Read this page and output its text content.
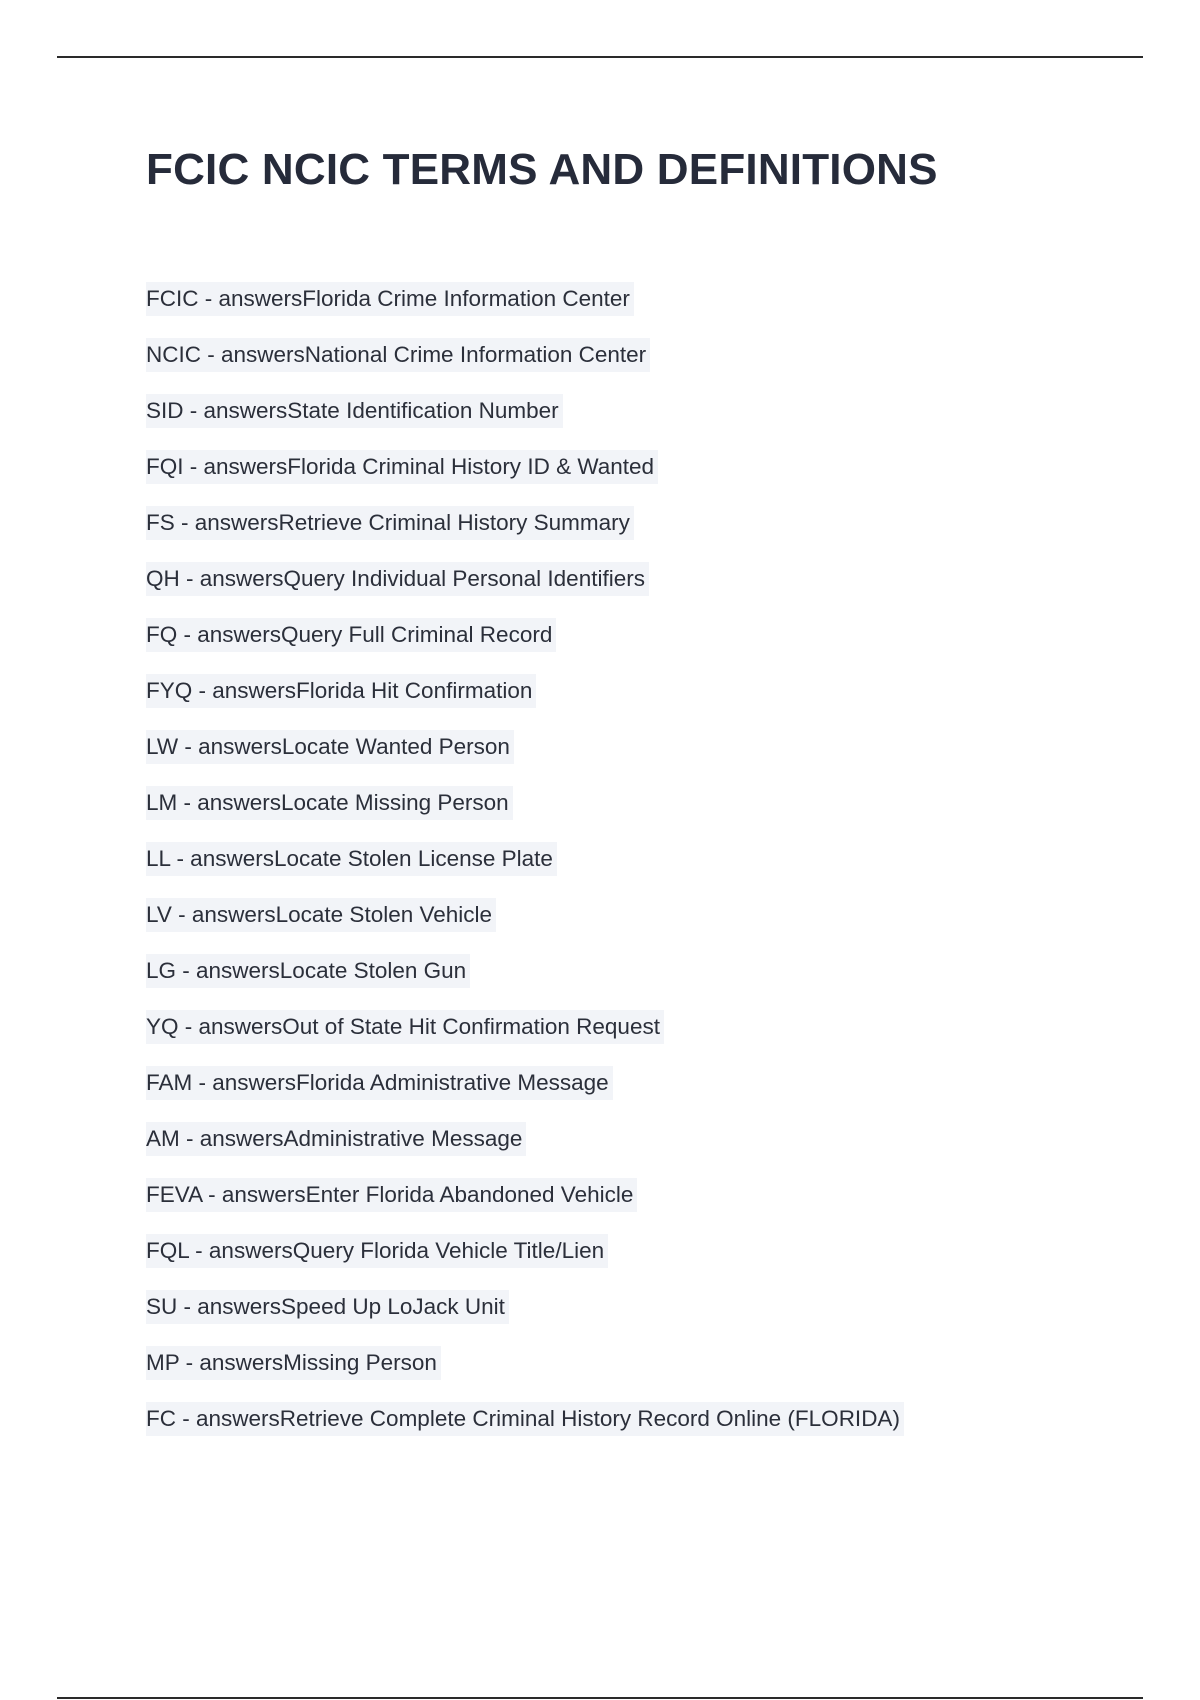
FCIC NCIC TERMS AND DEFINITIONS
FCIC - answersFlorida Crime Information Center
NCIC - answersNational Crime Information Center
SID - answersState Identification Number
FQI - answersFlorida Criminal History ID & Wanted
FS - answersRetrieve Criminal History Summary
QH - answersQuery Individual Personal Identifiers
FQ - answersQuery Full Criminal Record
FYQ - answersFlorida Hit Confirmation
LW - answersLocate Wanted Person
LM - answersLocate Missing Person
LL - answersLocate Stolen License Plate
LV - answersLocate Stolen Vehicle
LG - answersLocate Stolen Gun
YQ - answersOut of State Hit Confirmation Request
FAM - answersFlorida Administrative Message
AM - answersAdministrative Message
FEVA - answersEnter Florida Abandoned Vehicle
FQL - answersQuery Florida Vehicle Title/Lien
SU - answersSpeed Up LoJack Unit
MP - answersMissing Person
FC - answersRetrieve Complete Criminal History Record Online (FLORIDA)
